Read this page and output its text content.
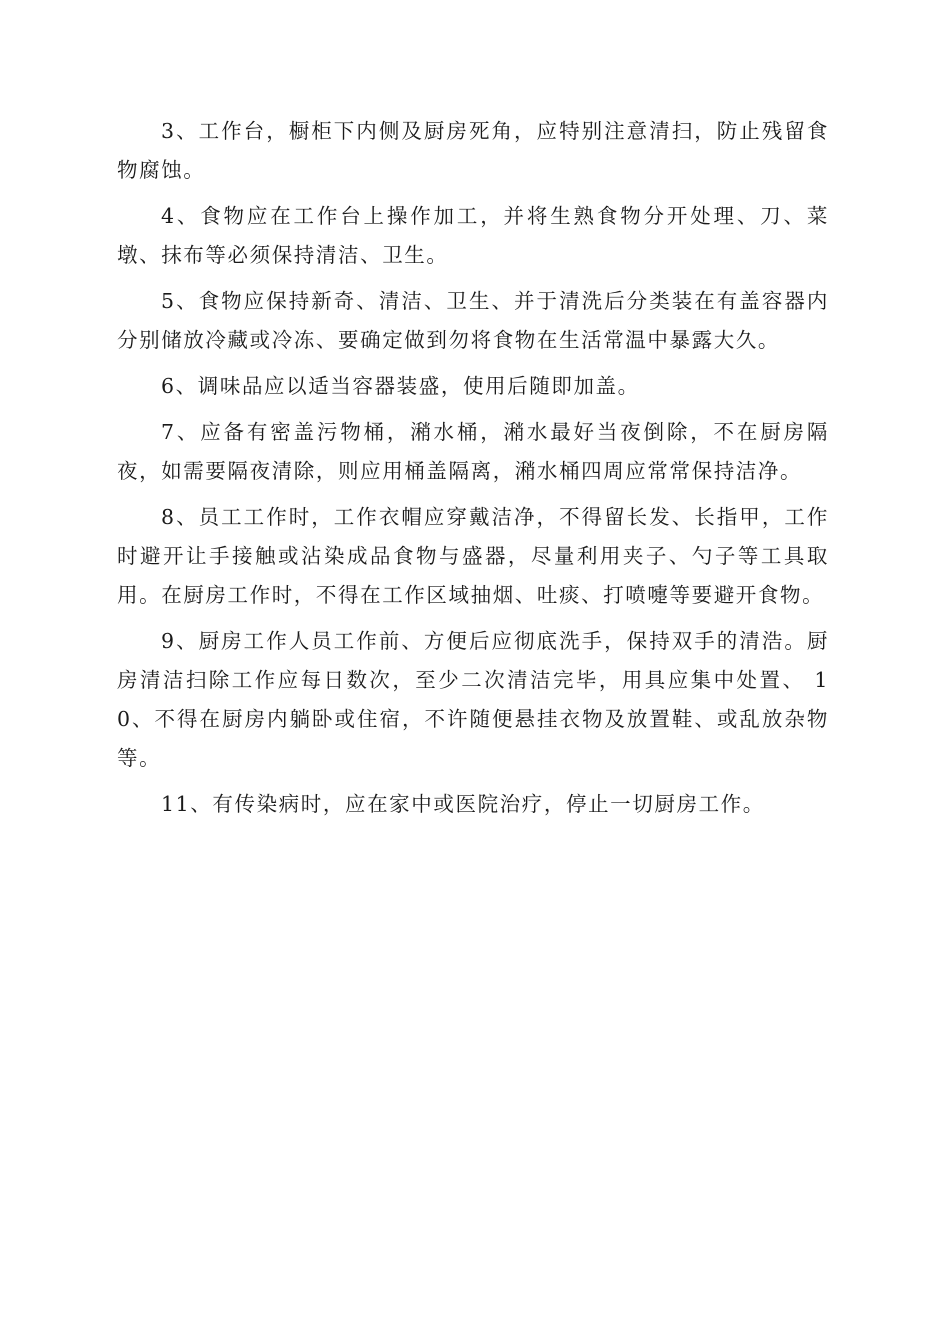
3、工作台，橱柜下内侧及厨房死角，应特别注意清扫，防止残留食物腐蚀。

4、食物应在工作台上操作加工，并将生熟食物分开处理、刀、菜墩、抹布等必须保持清洁、卫生。

5、食物应保持新奇、清洁、卫生、并于清洗后分类装在有盖容器内分别储放冷藏或冷冻、要确定做到勿将食物在生活常温中暴露大久。

6、调味品应以适当容器装盛，使用后随即加盖。

7、应备有密盖污物桶，潲水桶，潲水最好当夜倒除，不在厨房隔夜，如需要隔夜清除，则应用桶盖隔离，潲水桶四周应常常保持洁净。

8、员工工作时，工作衣帽应穿戴洁净，不得留长发、长指甲，工作时避开让手接触或沾染成品食物与盛器，尽量利用夹子、勺子等工具取用。在厨房工作时，不得在工作区域抽烟、吐痰、打喷嚏等要避开食物。

9、厨房工作人员工作前、方便后应彻底洗手，保持双手的清浩。厨房清洁扫除工作应每日数次，至少二次清洁完毕，用具应集中处置、 10、不得在厨房内躺卧或住宿，不许随便悬挂衣物及放置鞋、或乱放杂物等。

11、有传染病时，应在家中或医院治疗，停止一切厨房工作。
